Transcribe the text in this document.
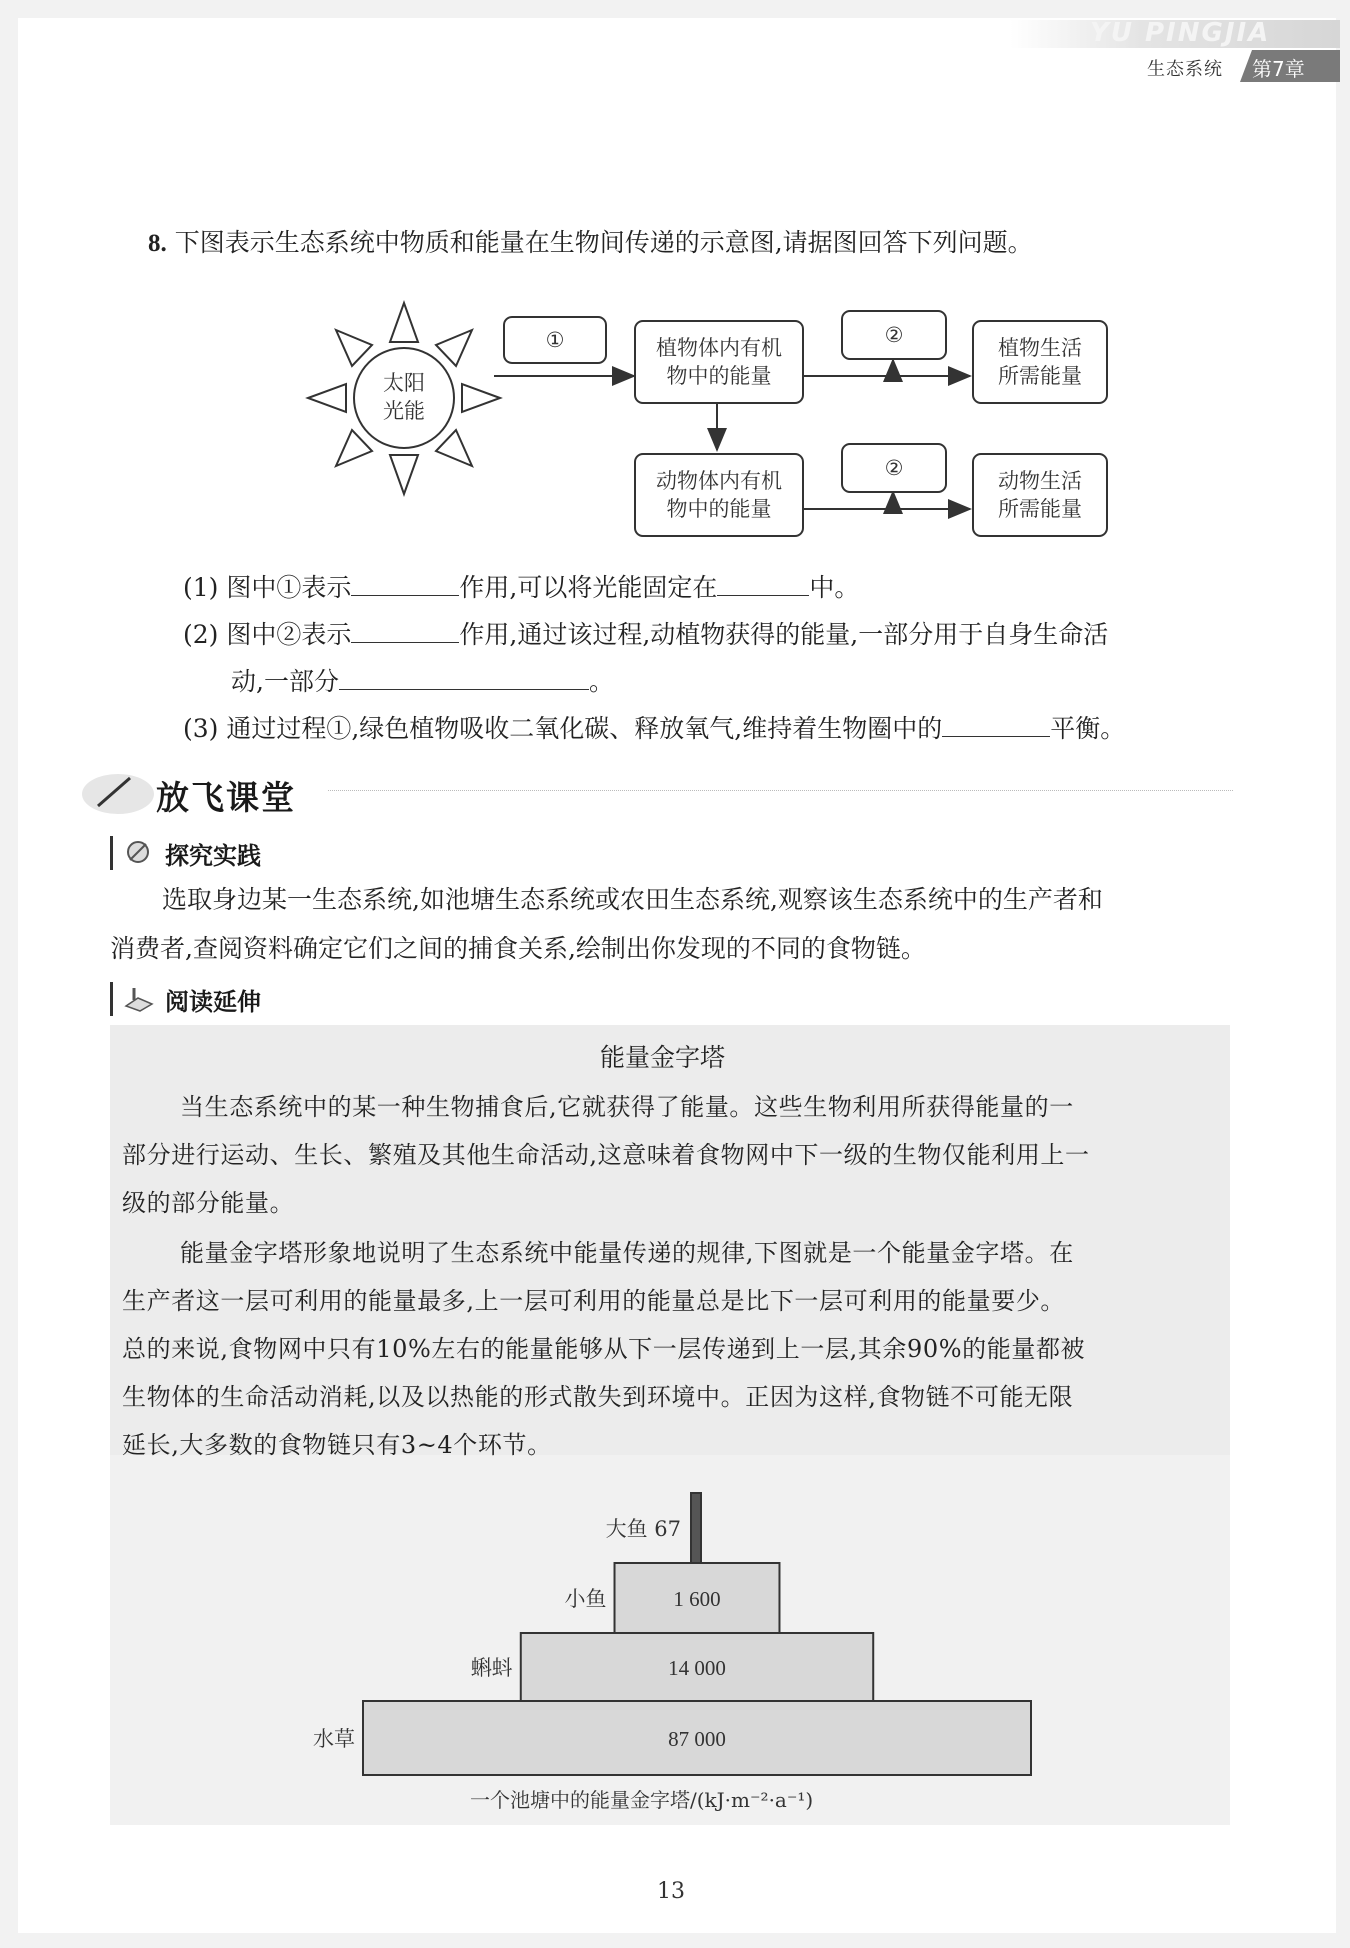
YU PINGJIA
生态系统 第7章
8. 下图表示生态系统中物质和能量在生物间传递的示意图,请据图回答下列问题。
太阳
光能
①	植物体内有机
物中的能量
②
植物生活
所需能量
动物体内有机
物中的能量
②
动物生活
所需能量
(1) 图中①表示	作用,可以将光能固定在	中。
(2) 图中②表示	作用,通过该过程,动植物获得的能量,一部分用于自身生命活
动,一部分	。
(3) 通过过程①,绿色植物吸收二氧化碳、释放氧气,维持着生物圈中的	平衡。
放飞课堂
探究实践
选取身边某一生态系统,如池塘生态系统或农田生态系统,观察该生态系统中的生产者和
消费者,查阅资料确定它们之间的捕食关系,绘制出你发现的不同的食物链。
阅读延伸
能量金字塔
当生态系统中的某一种生物捕食后,它就获得了能量。这些生物利用所获得能量的一
部分进行运动、生长、繁殖及其他生命活动,这意味着食物网中下一级的生物仅能利用上一
级的部分能量。
能量金字塔形象地说明了生态系统中能量传递的规律,下图就是一个能量金字塔。在
生产者这一层可利用的能量最多,上一层可利用的能量总是比下一层可利用的能量要少。
总的来说,食物网中只有10%左右的能量能够从下一层传递到上一层,其余90%的能量都被
生物体的生命活动消耗,以及以热能的形式散失到环境中。正因为这样,食物链不可能无限
延长,大多数的食物链只有3~4个环节。
87 000
水草
14 000
蝌蚪
1 600
小鱼
大鱼 67
一个池塘中的能量金字塔/(kJ·m⁻²·a⁻¹)
13
